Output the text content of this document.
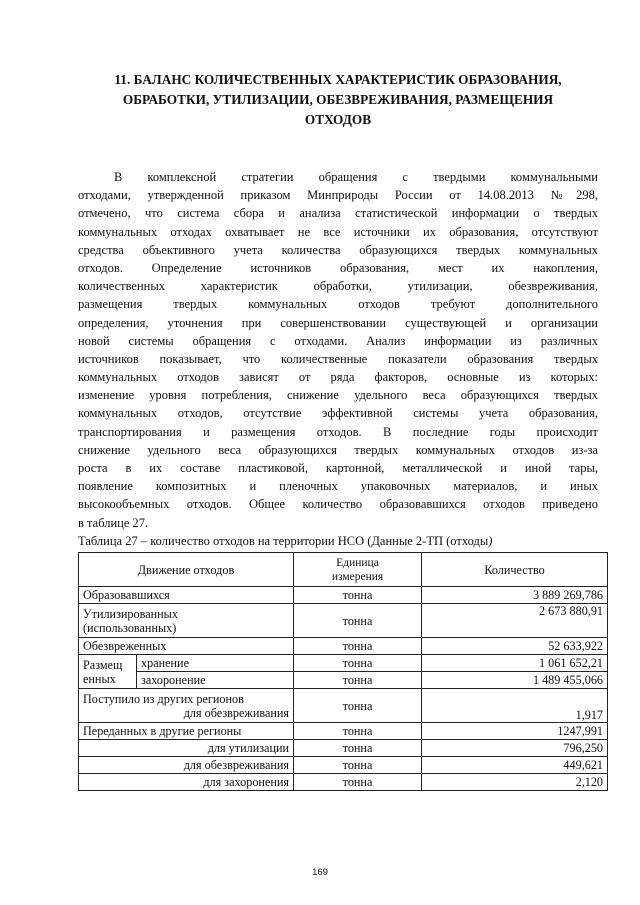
11. БАЛАНС КОЛИЧЕСТВЕННЫХ ХАРАКТЕРИСТИК ОБРАЗОВАНИЯ,
ОБРАБОТКИ, УТИЛИЗАЦИИ, ОБЕЗВРЕЖИВАНИЯ, РАЗМЕЩЕНИЯ
ОТХОДОВ
В комплексной стратегии обращения с твердыми коммунальными
отходами, утвержденной приказом Минприроды России от 14.08.2013 №298,
отмечено, что система сбора и анализа статистической информации о твердых
коммунальных отходах охватывает не все источники их образования, отсутствуют
средства объективного учета количества образующихся твердых коммунальных
отходов. Определение источников образования, мест их накопления,
количественных характеристик обработки, утилизации, обезвреживания,
размещения твердых коммунальных отходов требуют дополнительного
определения, уточнения при совершенствовании существующей и организации
новой системы обращения с отходами. Анализ информации из различных
источников показывает, что количественные показатели образования твердых
коммунальных отходов зависят от ряда факторов, основные из которых:
изменение уровня потребления, снижение удельного веса образующихся твердых
коммунальных отходов, отсутствие эффективной системы учета образования,
транспортирования и размещения отходов. В последние годы происходит
снижение удельного веса образующихся твердых коммунальных отходов из-за
роста в их составе пластиковой, картонной, металлической и иной тары,
появление композитных и пленочных упаковочных материалов, и иных
высокообъемных отходов. Общее количество образовавшихся отходов приведено
в таблице 27.
Таблица 27 – количество отходов на территории НСО (Данные 2-ТП (отходы)
Движение отходов		Единица
измерения	Количество
Образовавшихся		тонна	3 889 269,786

Утилизированных
(использованных)		тонна	2 673 880,91
Обезвреженных		тонна	52 633,922

Размещ
енных	хранение	тонна	1 061 652,21
	захоронение	тонна	1 489 455,066

Поступило из других регионов
для обезвреживания		тонна	1,917
Переданных в другие регионы		тонна	1247,991
для утилизации		тонна	796,250
для обезвреживания		тонна	449,621
для захоронения		тонна	2,120
169
